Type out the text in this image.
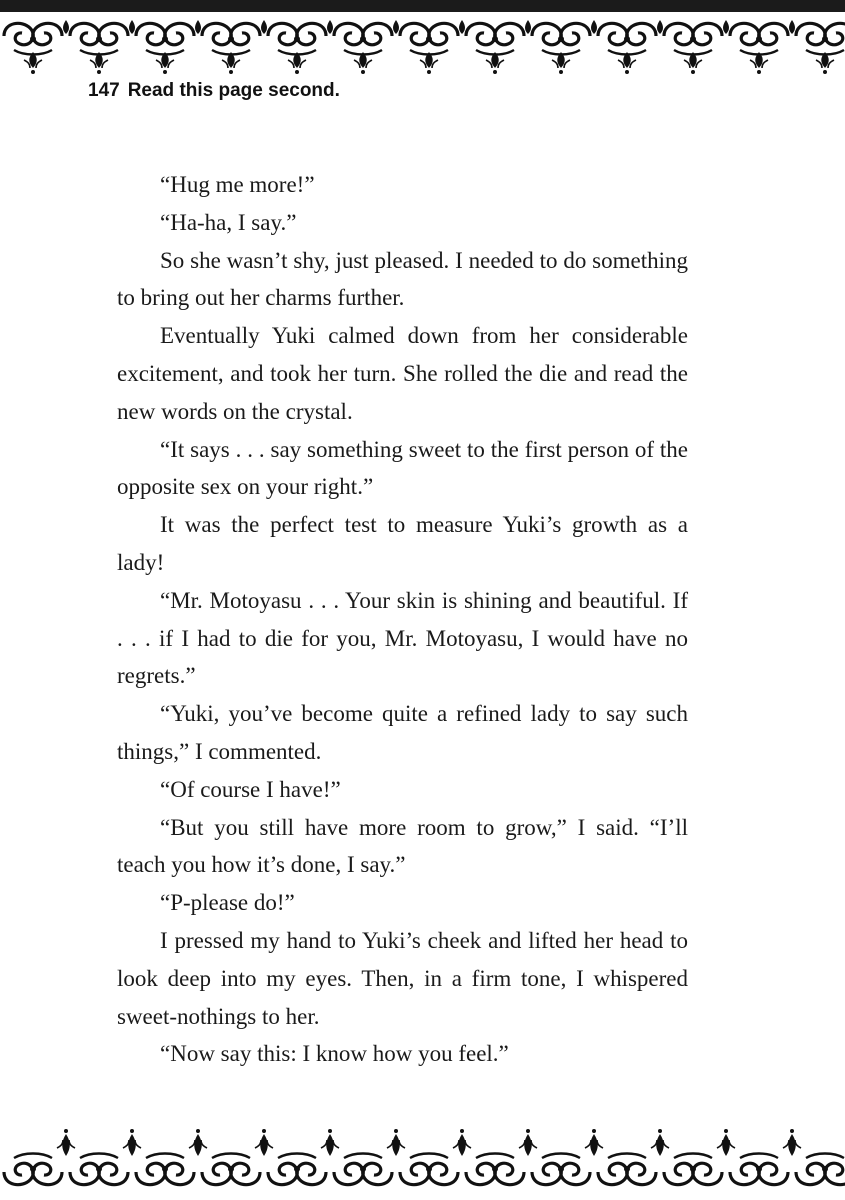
147 Read this page second.

“Hug me more!”

“Ha-ha, I say.”

So she wasn’t shy, just pleased. I needed to do something to bring out her charms further.

Eventually Yuki calmed down from her considerable excitement, and took her turn. She rolled the die and read the new words on the crystal.

“It says . . . say something sweet to the first person of the opposite sex on your right.”

It was the perfect test to measure Yuki’s growth as a lady!

“Mr. Motoyasu . . . Your skin is shining and beautiful. If . . . if I had to die for you, Mr. Motoyasu, I would have no regrets.”

“Yuki, you’ve become quite a refined lady to say such things,” I commented.

“Of course I have!”

“But you still have more room to grow,” I said. “I’ll teach you how it’s done, I say.”

“P-please do!”

I pressed my hand to Yuki’s cheek and lifted her head to look deep into my eyes. Then, in a firm tone, I whispered sweet-nothings to her.

“Now say this: I know how you feel.”
